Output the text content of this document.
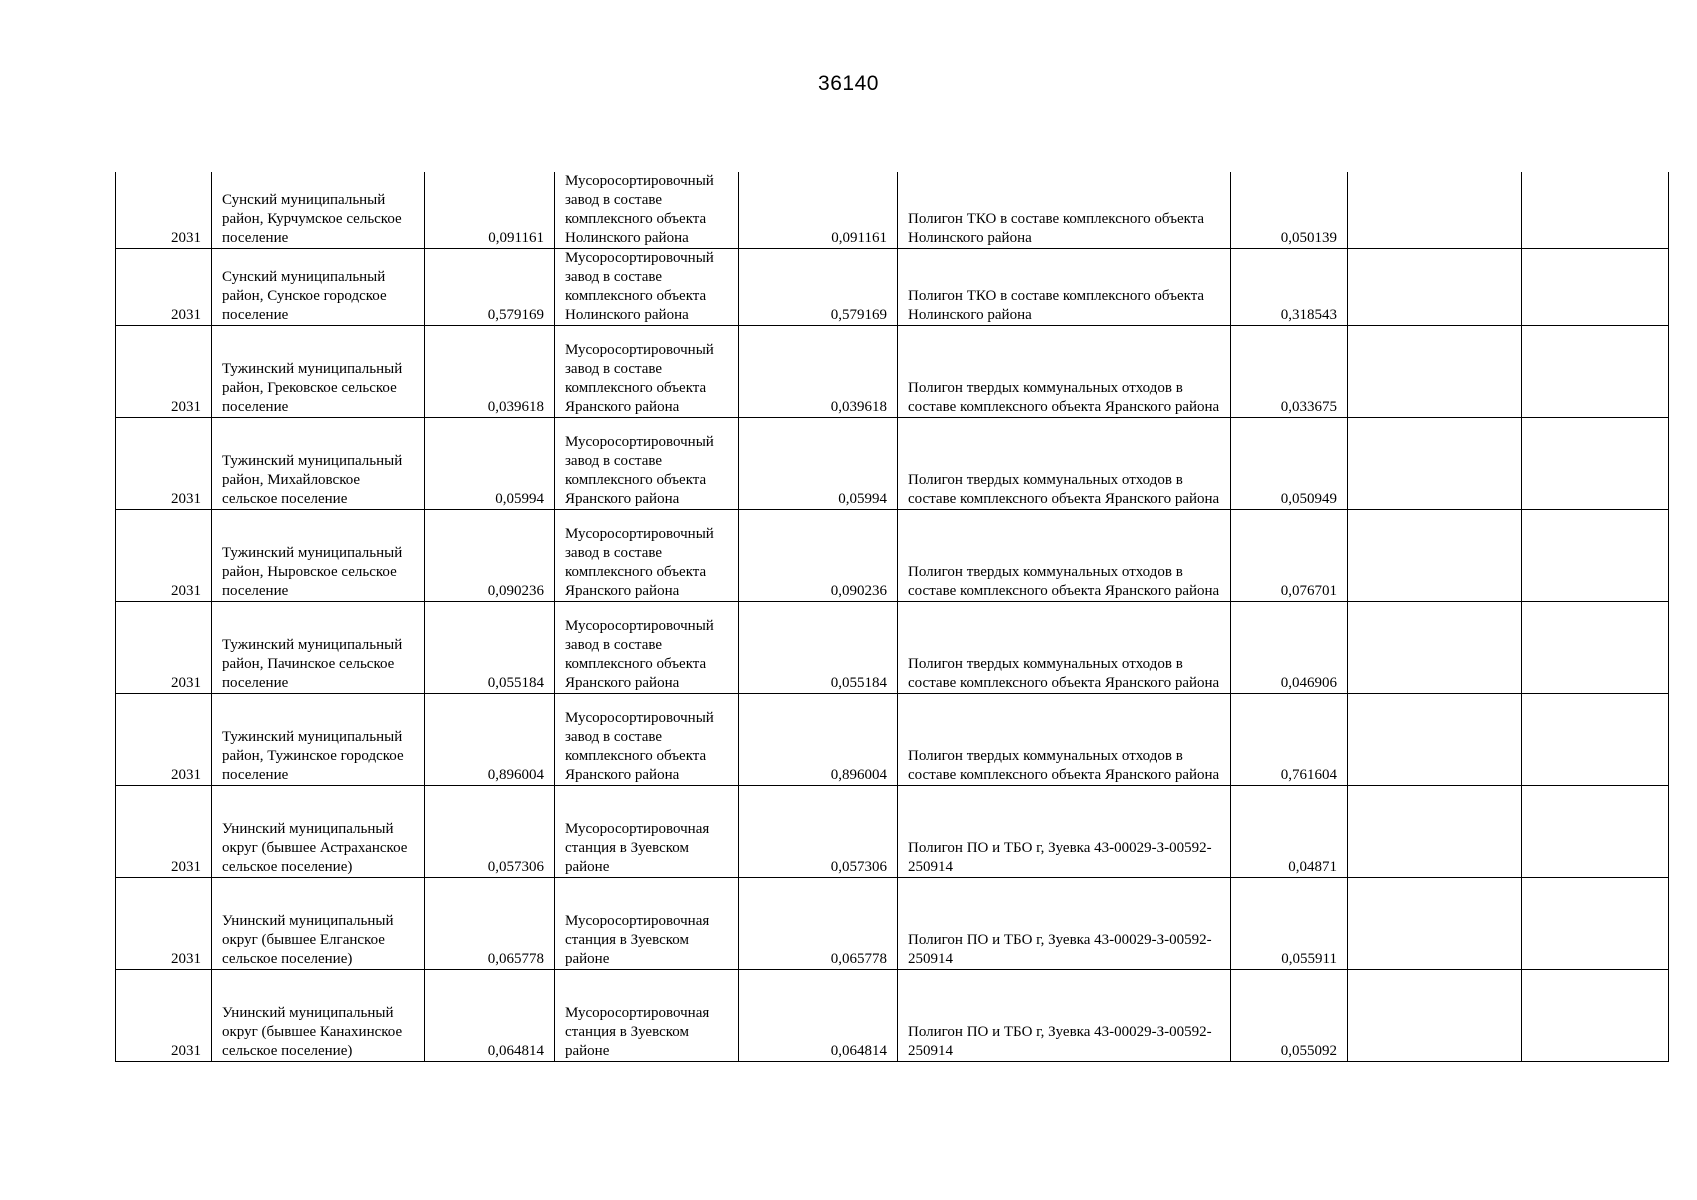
36140
2031	Сунский муниципальный район, Курчумское сельское поселение	0,091161	Мусоросортировочный завод в составе комплексного объекта Нолинского района	0,091161	Полигон ТКО в составе комплексного объекта Нолинского района	0,050139		
2031	Сунский муниципальный район, Сунское городское поселение	0,579169	Мусоросортировочный завод в составе комплексного объекта Нолинского района	0,579169	Полигон ТКО в составе комплексного объекта Нолинского района	0,318543		
2031	Тужинский муниципальный район, Грековское сельское поселение	0,039618	Мусоросортировочный завод в составе комплексного объекта Яранского района	0,039618	Полигон твердых коммунальных отходов в составе комплексного объекта Яранского района	0,033675		
2031	Тужинский муниципальный район, Михайловское сельское поселение	0,05994	Мусоросортировочный завод в составе комплексного объекта Яранского района	0,05994	Полигон твердых коммунальных отходов в составе комплексного объекта Яранского района	0,050949		
2031	Тужинский муниципальный район, Ныровское сельское поселение	0,090236	Мусоросортировочный завод в составе комплексного объекта Яранского района	0,090236	Полигон твердых коммунальных отходов в составе комплексного объекта Яранского района	0,076701		
2031	Тужинский муниципальный район, Пачинское сельское поселение	0,055184	Мусоросортировочный завод в составе комплексного объекта Яранского района	0,055184	Полигон твердых коммунальных отходов в составе комплексного объекта Яранского района	0,046906		
2031	Тужинский муниципальный район, Тужинское городское поселение	0,896004	Мусоросортировочный завод в составе комплексного объекта Яранского района	0,896004	Полигон твердых коммунальных отходов в составе комплексного объекта Яранского района	0,761604		
2031	Унинский муниципальный округ (бывшее Астраханское сельское поселение)	0,057306	Мусоросортировочная станция в Зуевском районе	0,057306	Полигон ПО и ТБО г, Зуевка 43-00029-З-00592-250914	0,04871		
2031	Унинский муниципальный округ (бывшее Елганское сельское поселение)	0,065778	Мусоросортировочная станция в Зуевском районе	0,065778	Полигон ПО и ТБО г, Зуевка 43-00029-З-00592-250914	0,055911		
2031	Унинский муниципальный округ (бывшее Канахинское сельское поселение)	0,064814	Мусоросортировочная станция в Зуевском районе	0,064814	Полигон ПО и ТБО г, Зуевка 43-00029-З-00592-250914	0,055092		
